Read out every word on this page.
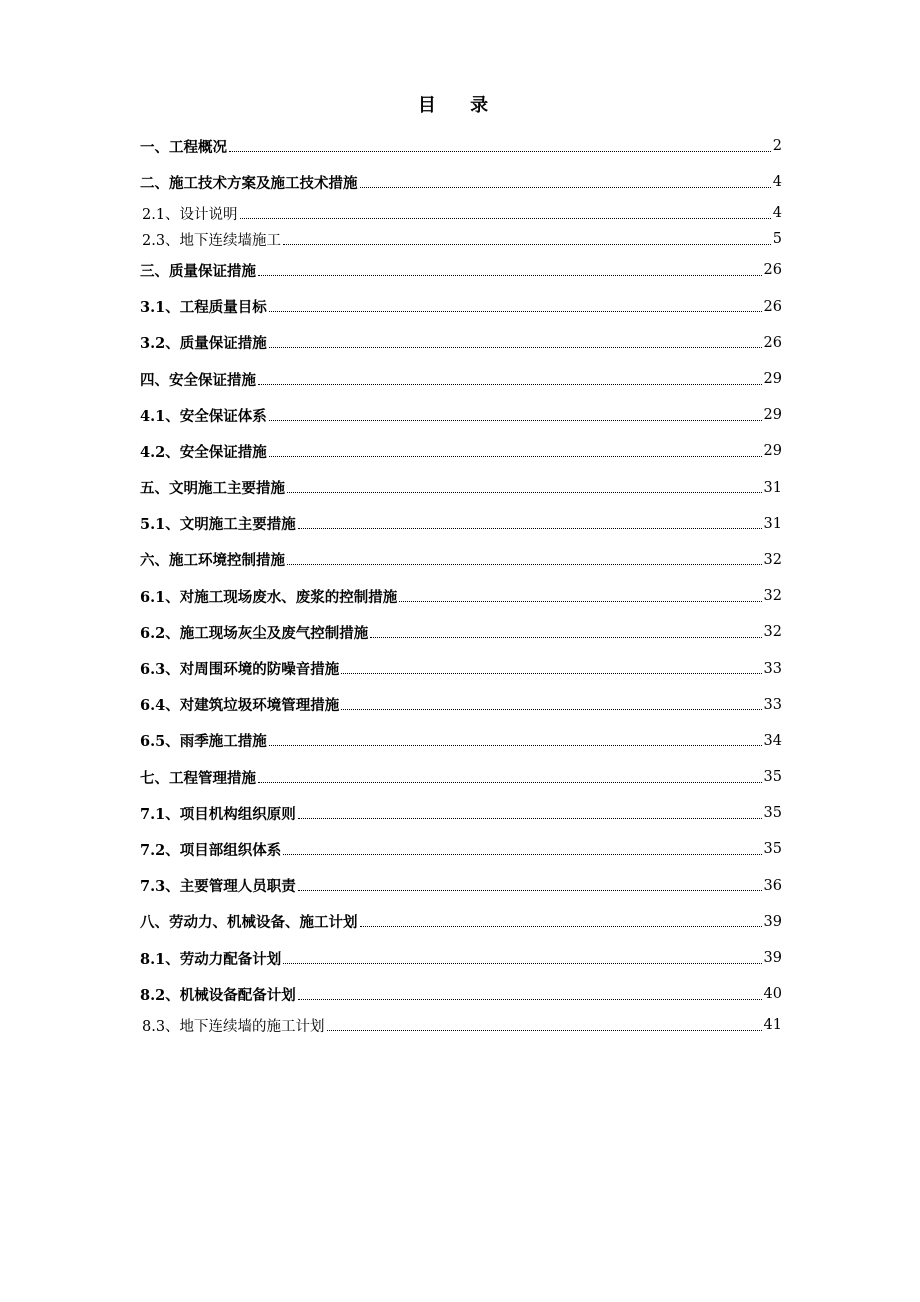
目 录
一、工程概况	2
二、施工技术方案及施工技术措施	4
2.1、设计说明	4
2.3、地下连续墙施工	5
三、质量保证措施	26
3.1、工程质量目标	26
3.2、质量保证措施	26
四、安全保证措施	29
4.1、安全保证体系	29
4.2、安全保证措施	29
五、文明施工主要措施	31
5.1、文明施工主要措施	31
六、施工环境控制措施	32
6.1、对施工现场废水、废浆的控制措施	32
6.2、施工现场灰尘及废气控制措施	32
6.3、对周围环境的防噪音措施	33
6.4、对建筑垃圾环境管理措施	33
6.5、雨季施工措施	34
七、工程管理措施	35
7.1、项目机构组织原则	35
7.2、项目部组织体系	35
7.3、主要管理人员职责	36
八、劳动力、机械设备、施工计划	39
8.1、劳动力配备计划	39
8.2、机械设备配备计划	40
8.3、地下连续墙的施工计划	41
